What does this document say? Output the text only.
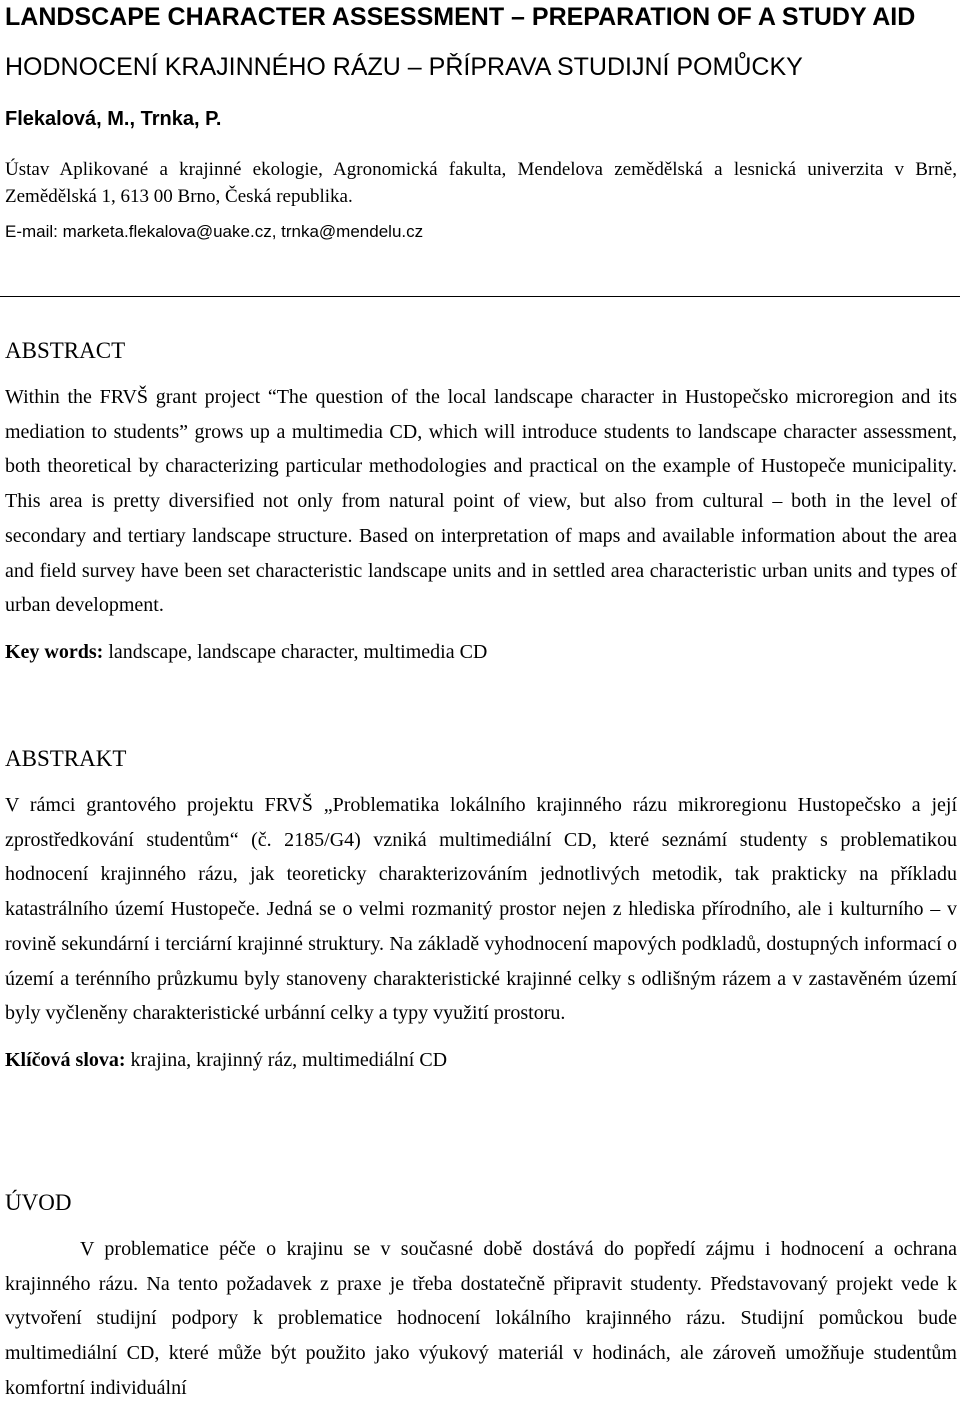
LANDSCAPE CHARACTER ASSESSMENT – PREPARATION OF A STUDY AID
HODNOCENÍ KRAJINNÉHO RÁZU – PŘÍPRAVA STUDIJNÍ POMŮCKY

Flekalová, M., Trnka, P.

Ústav Aplikované a krajinné ekologie, Agronomická fakulta, Mendelova zemědělská a lesnická univerzita v Brně, Zemědělská 1, 613 00 Brno, Česká republika.

E-mail: marketa.flekalova@uake.cz, trnka@mendelu.cz

ABSTRACT

Within the FRVŠ grant project “The question of the local landscape character in Hustopečsko microregion and its mediation to students” grows up a multimedia CD, which will introduce students to landscape character assessment, both theoretical by characterizing particular methodologies and practical on the example of Hustopeče municipality. This area is pretty diversified not only from natural point of view, but also from cultural – both in the level of secondary and tertiary landscape structure. Based on interpretation of maps and available information about the area and field survey have been set characteristic landscape units and in settled area characteristic urban units and types of urban development.

Key words: landscape, landscape character, multimedia CD

ABSTRAKT

V rámci grantového projektu FRVŠ „Problematika lokálního krajinného rázu mikroregionu Hustopečsko a její zprostředkování studentům“ (č. 2185/G4) vzniká multimediální CD, které seznámí studenty s problematikou hodnocení krajinného rázu, jak teoreticky charakterizováním jednotlivých metodik, tak prakticky na příkladu katastrálního území Hustopeče. Jedná se o velmi rozmanitý prostor nejen z hlediska přírodního, ale i kulturního – v rovině sekundární i terciární krajinné struktury. Na základě vyhodnocení mapových podkladů, dostupných informací o území a terénního průzkumu byly stanoveny charakteristické krajinné celky s odlišným rázem a v zastavěném území byly vyčleněny charakteristické urbánní celky a typy využití prostoru.

Klíčová slova: krajina, krajinný ráz, multimediální CD

ÚVOD

V problematice péče o krajinu se v současné době dostává do popředí zájmu i hodnocení a ochrana krajinného rázu. Na tento požadavek z praxe je třeba dostatečně připravit studenty. Představovaný projekt vede k vytvoření studijní podpory k problematice hodnocení lokálního krajinného rázu. Studijní pomůckou bude multimediální CD, které může být použito jako výukový materiál v hodinách, ale zároveň umožňuje studentům komfortní individuální
